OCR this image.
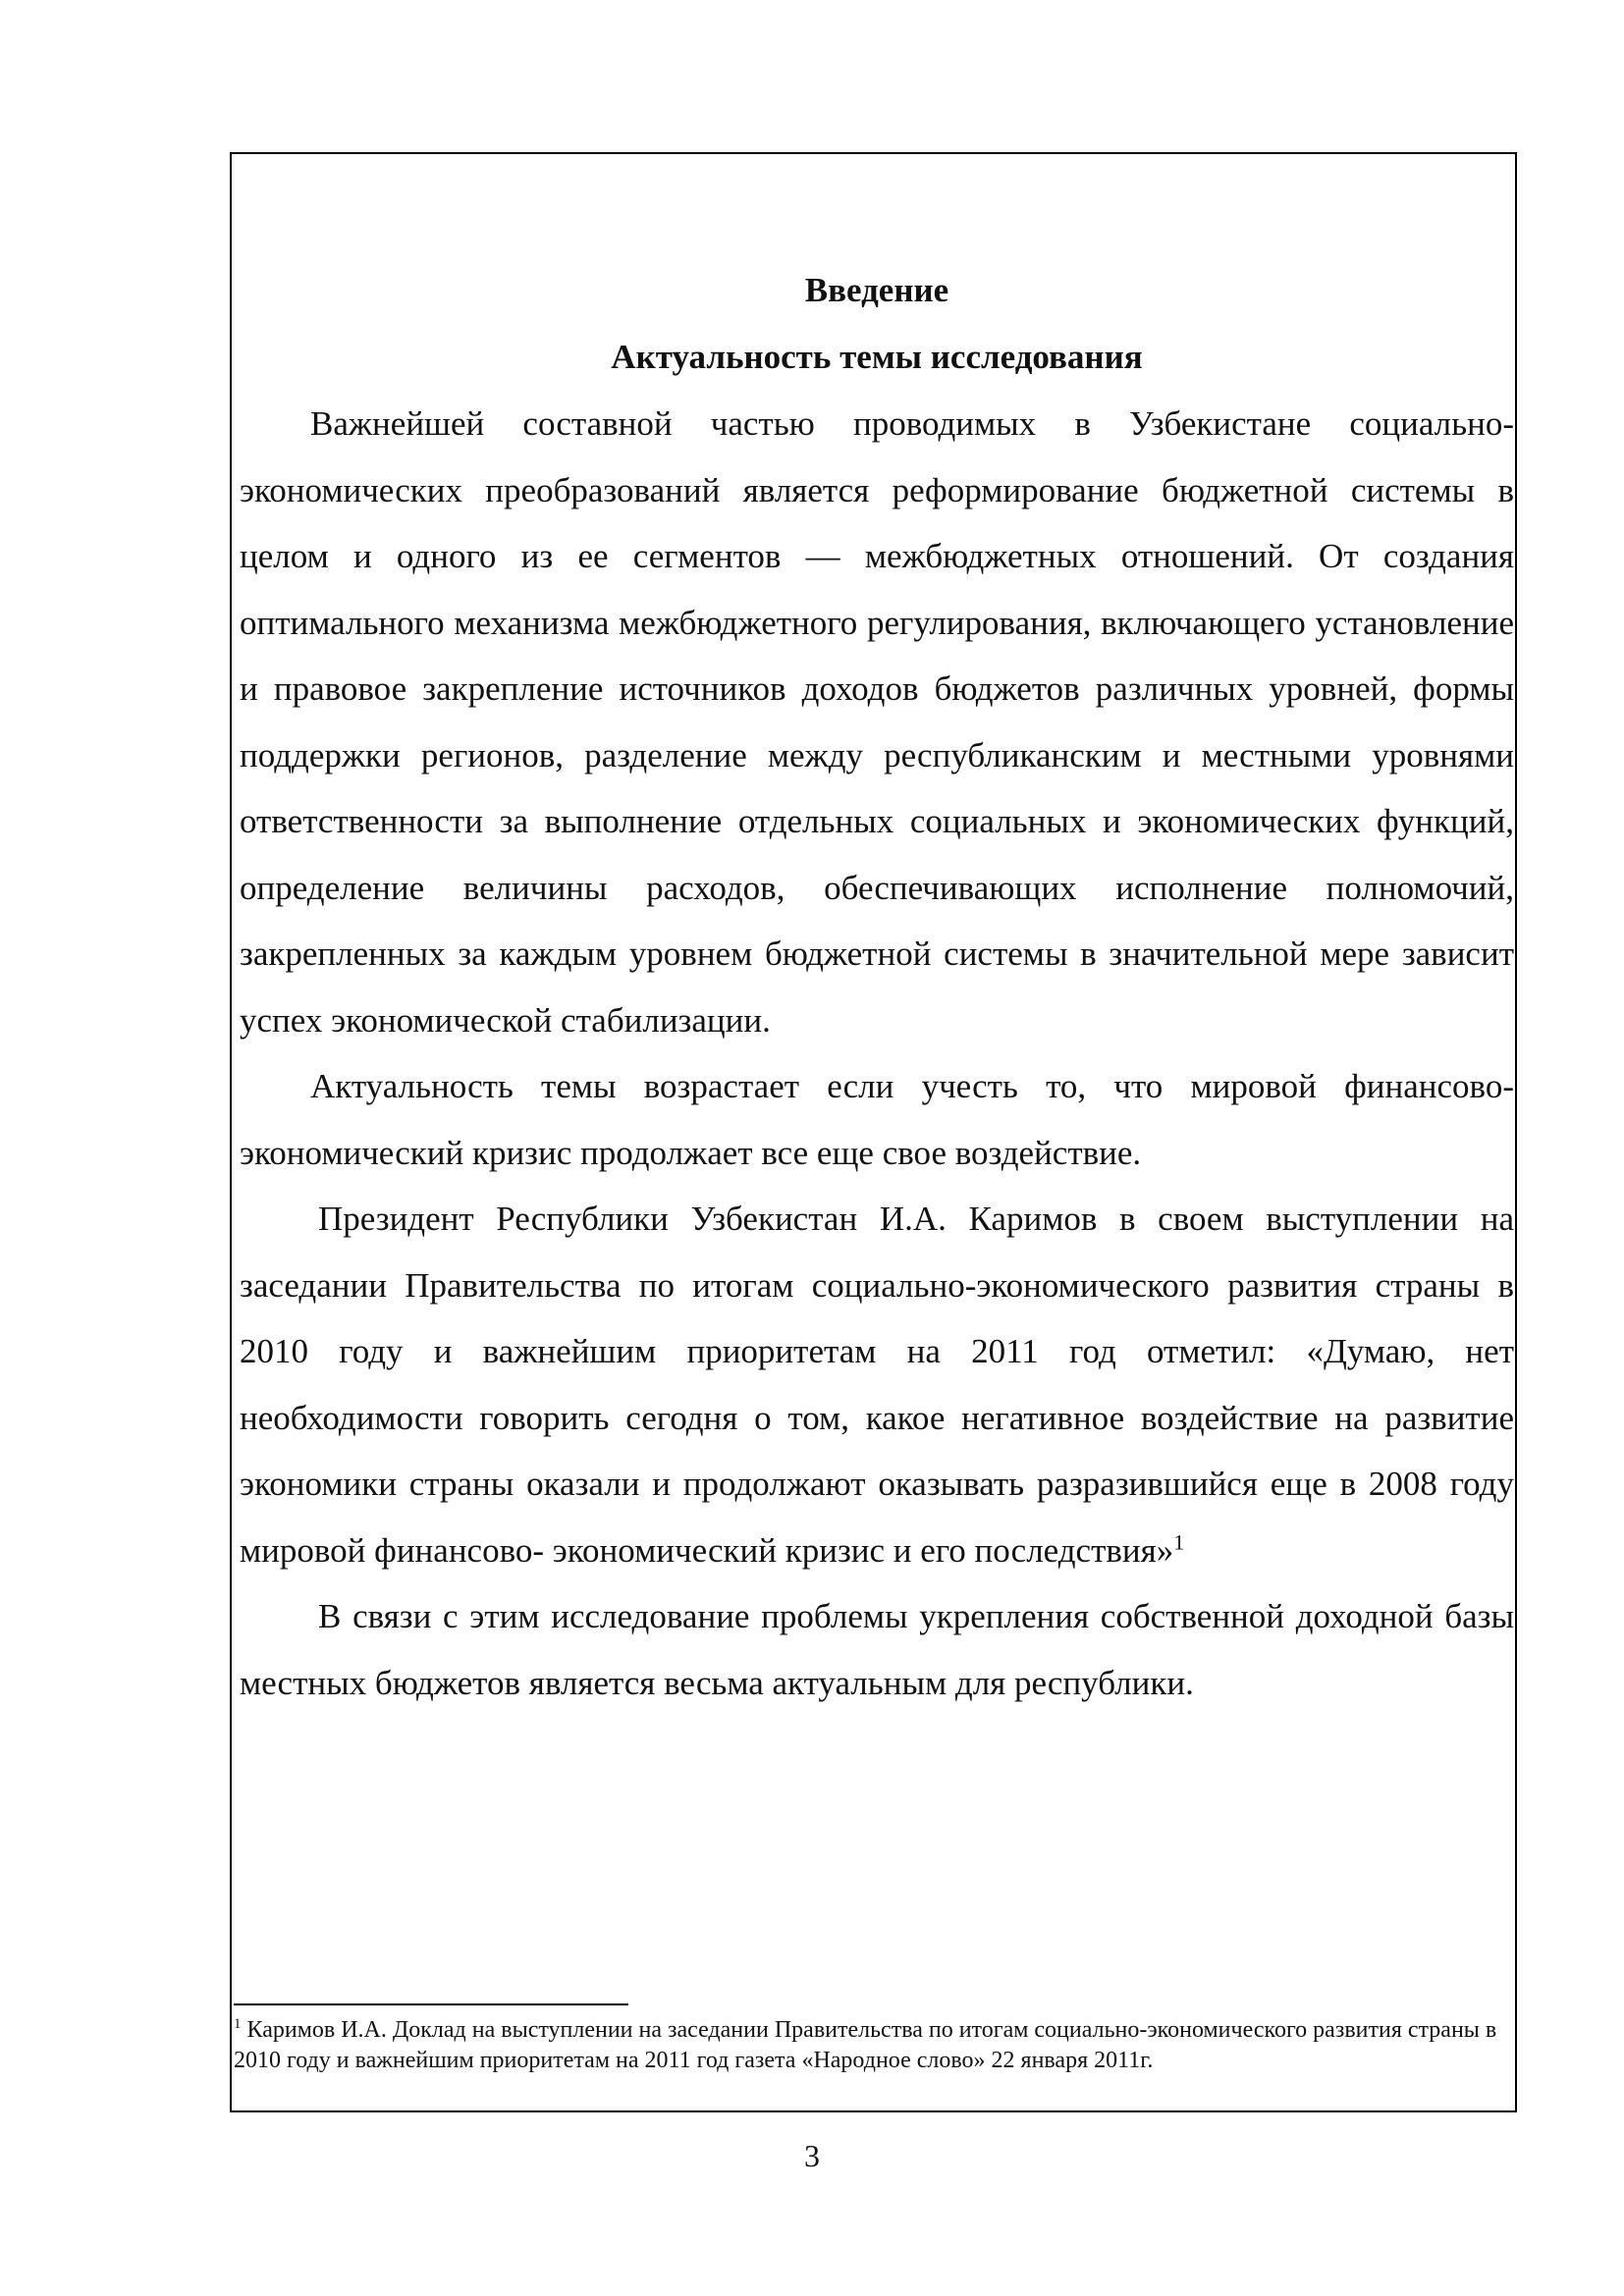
Введение
Актуальность темы исследования

Важнейшей составной частью проводимых в Узбекистане социально-экономических преобразований является реформирование бюджетной системы в целом и одного из ее сегментов — межбюджетных отношений. От создания оптимального механизма межбюджетного регулирования, включающего установление и правовое закрепление источников доходов бюджетов различных уровней, формы поддержки регионов, разделение между республиканским и местными уровнями ответственности за выполнение отдельных социальных и экономических функций, определение величины расходов, обеспечивающих исполнение полномочий, закрепленных за каждым уровнем бюджетной системы в значительной мере зависит успех экономической стабилизации.

Актуальность темы возрастает если учесть то, что мировой финансово-экономический кризис продолжает все еще свое воздействие.

Президент Республики Узбекистан И.А. Каримов в своем выступлении на заседании Правительства по итогам социально-экономического развития страны в 2010 году и важнейшим приоритетам на 2011 год отметил: «Думаю, нет необходимости говорить сегодня о том, какое негативное воздействие на развитие экономики страны оказали и продолжают оказывать разразившийся еще в 2008 году мировой финансово- экономический кризис и его последствия»$^1$

В связи с этим исследование проблемы укрепления собственной доходной базы местных бюджетов является весьма актуальным для республики.

$^1$ Каримов И.А. Доклад на выступлении на заседании Правительства по итогам социально-экономического развития страны в 2010 году и важнейшим приоритетам на 2011 год газета «Народное слово» 22 января 2011г.
3
